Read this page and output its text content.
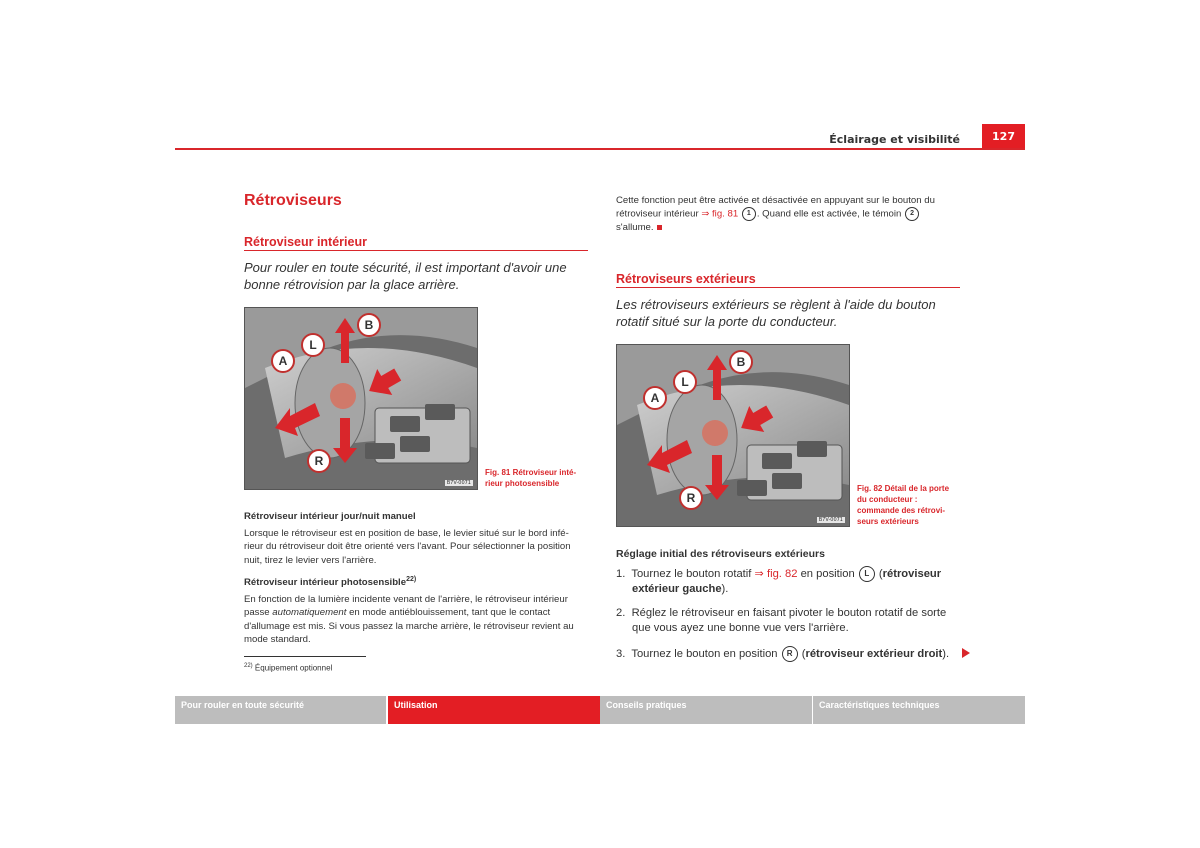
Éclairage et visibilité	127
Rétroviseurs
Rétroviseur intérieur
Pour rouler en toute sécurité, il est important d'avoir une
bonne rétrovision par la glace arrière.
A
L
B
R
B7V-0071
Fig. 81 Rétroviseur inté-
rieur photosensible
Rétroviseur intérieur jour/nuit manuel
Lorsque le rétroviseur est en position de base, le levier situé sur le bord infé-
rieur du rétroviseur doit être orienté vers l'avant. Pour sélectionner la position
nuit, tirez le levier vers l'arrière.
Rétroviseur intérieur photosensible$^{22)}$
En fonction de la lumière incidente venant de l'arrière, le rétroviseur intérieur
passe automatiquement en mode antiéblouissement, tant que le contact
d'allumage est mis. Si vous passez la marche arrière, le rétroviseur revient au
mode standard.
$^{22)}$ Équipement optionnel
Cette fonction peut être activée et désactivée en appuyant sur le bouton du
rétroviseur intérieur ⇒ fig. 81 1 . Quand elle est activée, le témoin 2
s'allume.
Rétroviseurs extérieurs
Les rétroviseurs extérieurs se règlent à l'aide du bouton
rotatif situé sur la porte du conducteur.
A
L
B
R
B7V-0071
Fig. 82 Détail de la porte
du conducteur :
commande des rétrovi-
seurs extérieurs
Réglage initial des rétroviseurs extérieurs
1. Tournez le bouton rotatif ⇒ fig. 82 en position L (rétroviseur
extérieur gauche).
2. Réglez le rétroviseur en faisant pivoter le bouton rotatif de sorte
que vous ayez une bonne vue vers l'arrière.
3. Tournez le bouton en position R (rétroviseur extérieur droit).
Pour rouler en toute sécurité	Utilisation	Conseils pratiques	Caractéristiques techniques
